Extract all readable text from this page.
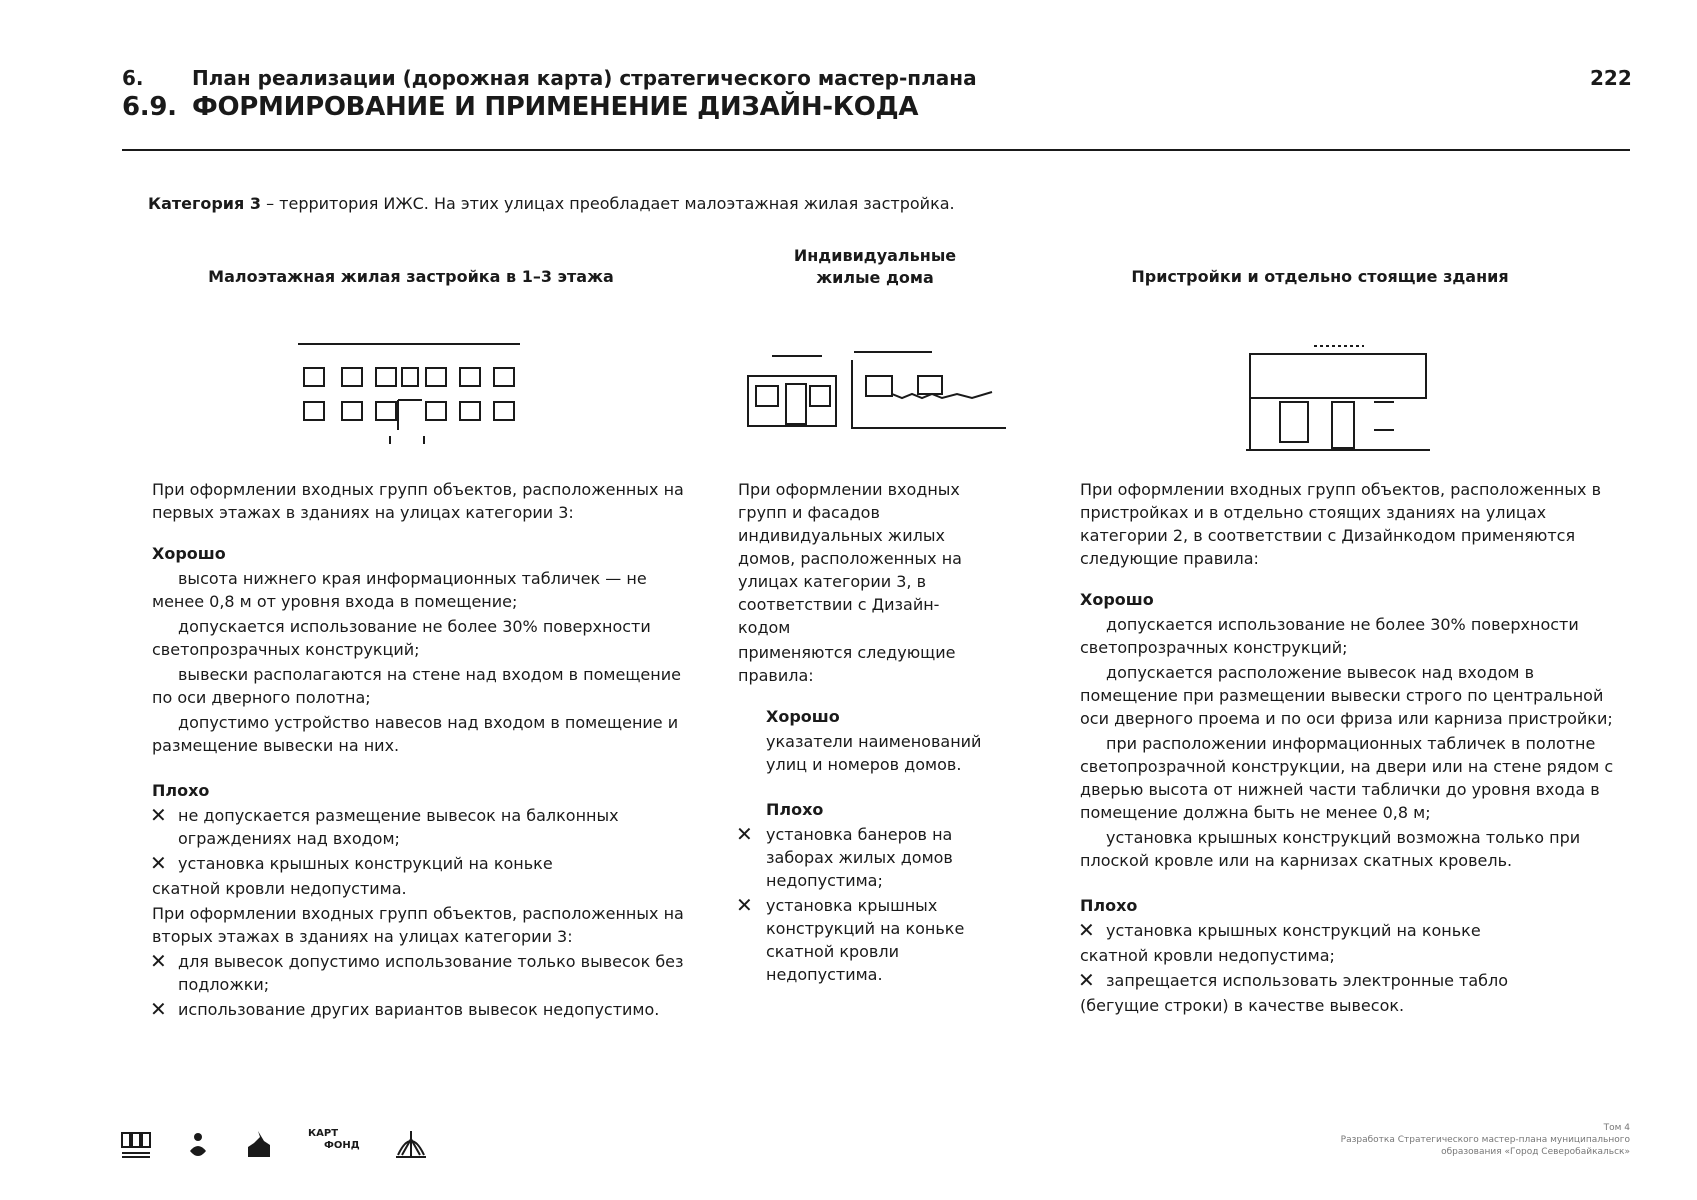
6.	План реализации (дорожная карта) стратегического мастер-плана
6.9. ФОРМИРОВАНИЕ И ПРИМЕНЕНИЕ ДИЗАЙН-КОДА
222
Категория 3 – территория ИЖС. На этих улицах преобладает малоэтажная жилая застройка.
Малоэтажная жилая застройка в 1–3 этажа
Индивидуальные жилые дома	Пристройки и отдельно стоящие здания

При оформлении входных групп объектов, расположенных на первых этажах в зданиях на улицах категории 3:

Хорошо

высота нижнего края информационных табличек — не менее 0,8 м от уровня входа в помещение;

допускается использование не более 30% поверхности светопрозрачных конструкций;

вывески располагаются на стене над входом в помещение по оси дверного полотна;

допустимо устройство навесов над входом в помещение и размещение вывески на них.

Плохо

✕ не допускается размещение вывесок на балконных ограждениях над входом;

✕ установка крышных конструкций на коньке

скатной кровли недопустима.

При оформлении входных групп объектов, расположенных на вторых этажах в зданиях на улицах категории 3:

✕ для вывесок допустимо использование только вывесок без подложки;

✕ использование других вариантов вывесок недопустимо.

При оформлении входных групп и фасадов индивидуальных жилых домов, расположенных на улицах категории 3, в соответствии с Дизайн-кодом

применяются следующие правила:

Хорошо

указатели наименований улиц и номеров домов.

Плохо

✕ установка банеров на заборах жилых домов недопустима;

✕ установка крышных конструкций на коньке скатной кровли недопустима.

При оформлении входных групп объектов, расположенных в пристройках и в отдельно стоящих зданиях на улицах категории 2, в соответствии с Дизайнкодом применяются следующие правила:

Хорошо

допускается использование не более 30% поверхности светопрозрачных конструкций;

допускается расположение вывесок над входом в помещение при размещении вывески строго по центральной оси дверного проема и по оси фриза или карниза пристройки;

при расположении информационных табличек в полотне светопрозрачной конструкции, на двери или на стене рядом с дверью высота от нижней части таблички до уровня входа в помещение должна быть не менее 0,8 м;

установка крышных конструкций возможна только при плоской кровле или на карнизах скатных кровель.

Плохо

✕ установка крышных конструкций на коньке

скатной кровли недопустима;

✕ запрещается использовать электронные табло

(бегущие строки) в качестве вывесок.

КАРТ
ФОНД
Том 4
Разработка Стратегического мастер-плана муниципального
образования «Город Северобайкальск»
